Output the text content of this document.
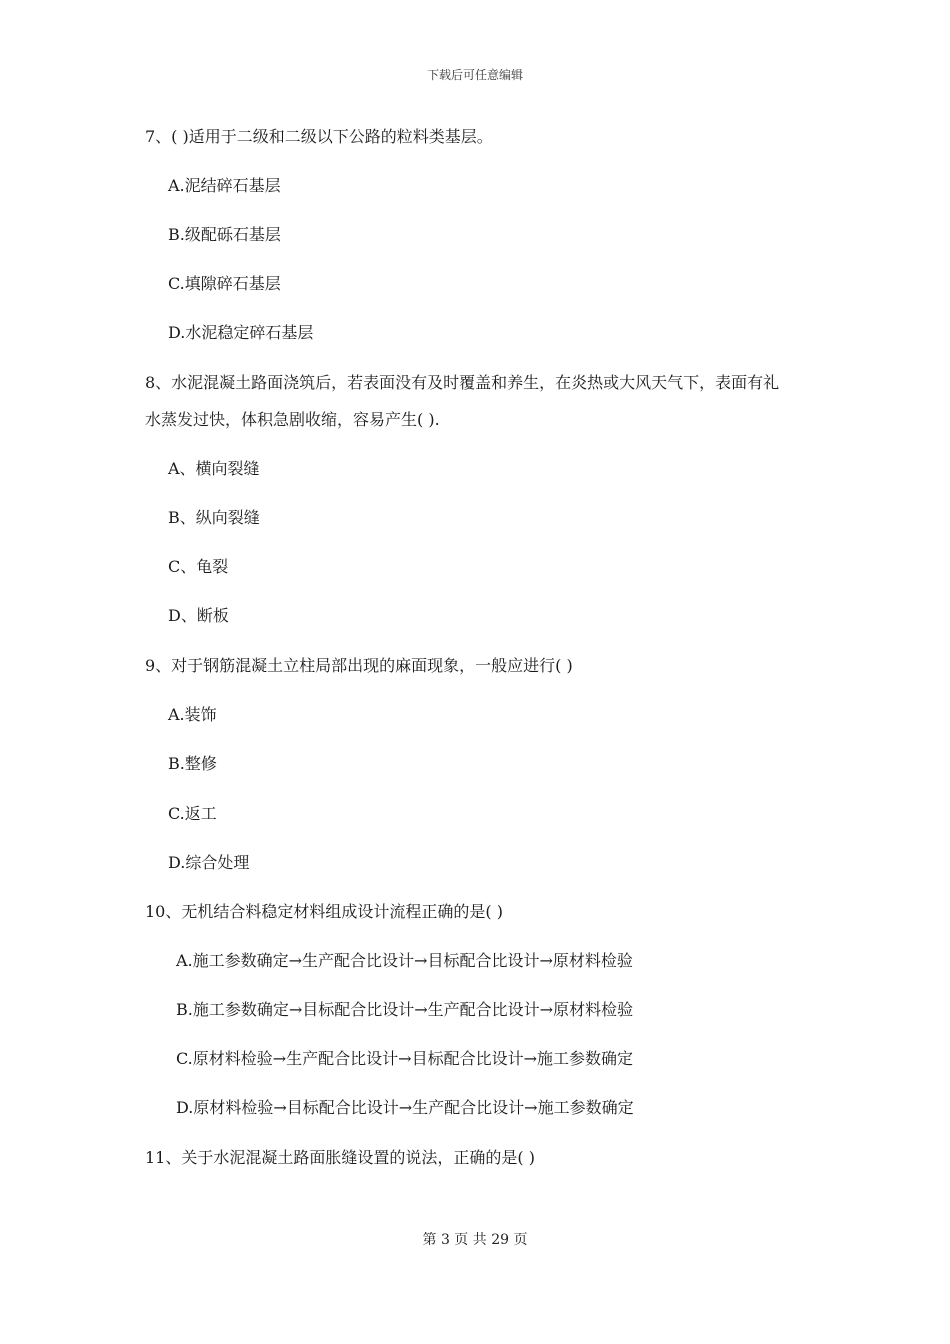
下载后可任意编辑
7、( )适用于二级和二级以下公路的粒料类基层。
A.泥结碎石基层
B.级配砾石基层
C.填隙碎石基层
D.水泥稳定碎石基层
8、水泥混凝土路面浇筑后，若表面没有及时覆盖和养生，在炎热或大风天气下，表面有礼
水蒸发过快，体积急剧收缩，容易产生( ).
A、横向裂缝
B、纵向裂缝
C、龟裂
D、断板
9、对于钢筋混凝土立柱局部出现的麻面现象，一般应进行( )
A.装饰
B.整修
C.返工
D.综合处理
10、无机结合料稳定材料组成设计流程正确的是( )
A.施工参数确定→生产配合比设计→目标配合比设计→原材料检验
B.施工参数确定→目标配合比设计→生产配合比设计→原材料检验
C.原材料检验→生产配合比设计→目标配合比设计→施工参数确定
D.原材料检验→目标配合比设计→生产配合比设计→施工参数确定
11、关于水泥混凝土路面胀缝设置的说法，正确的是( )
第 3 页 共 29 页
